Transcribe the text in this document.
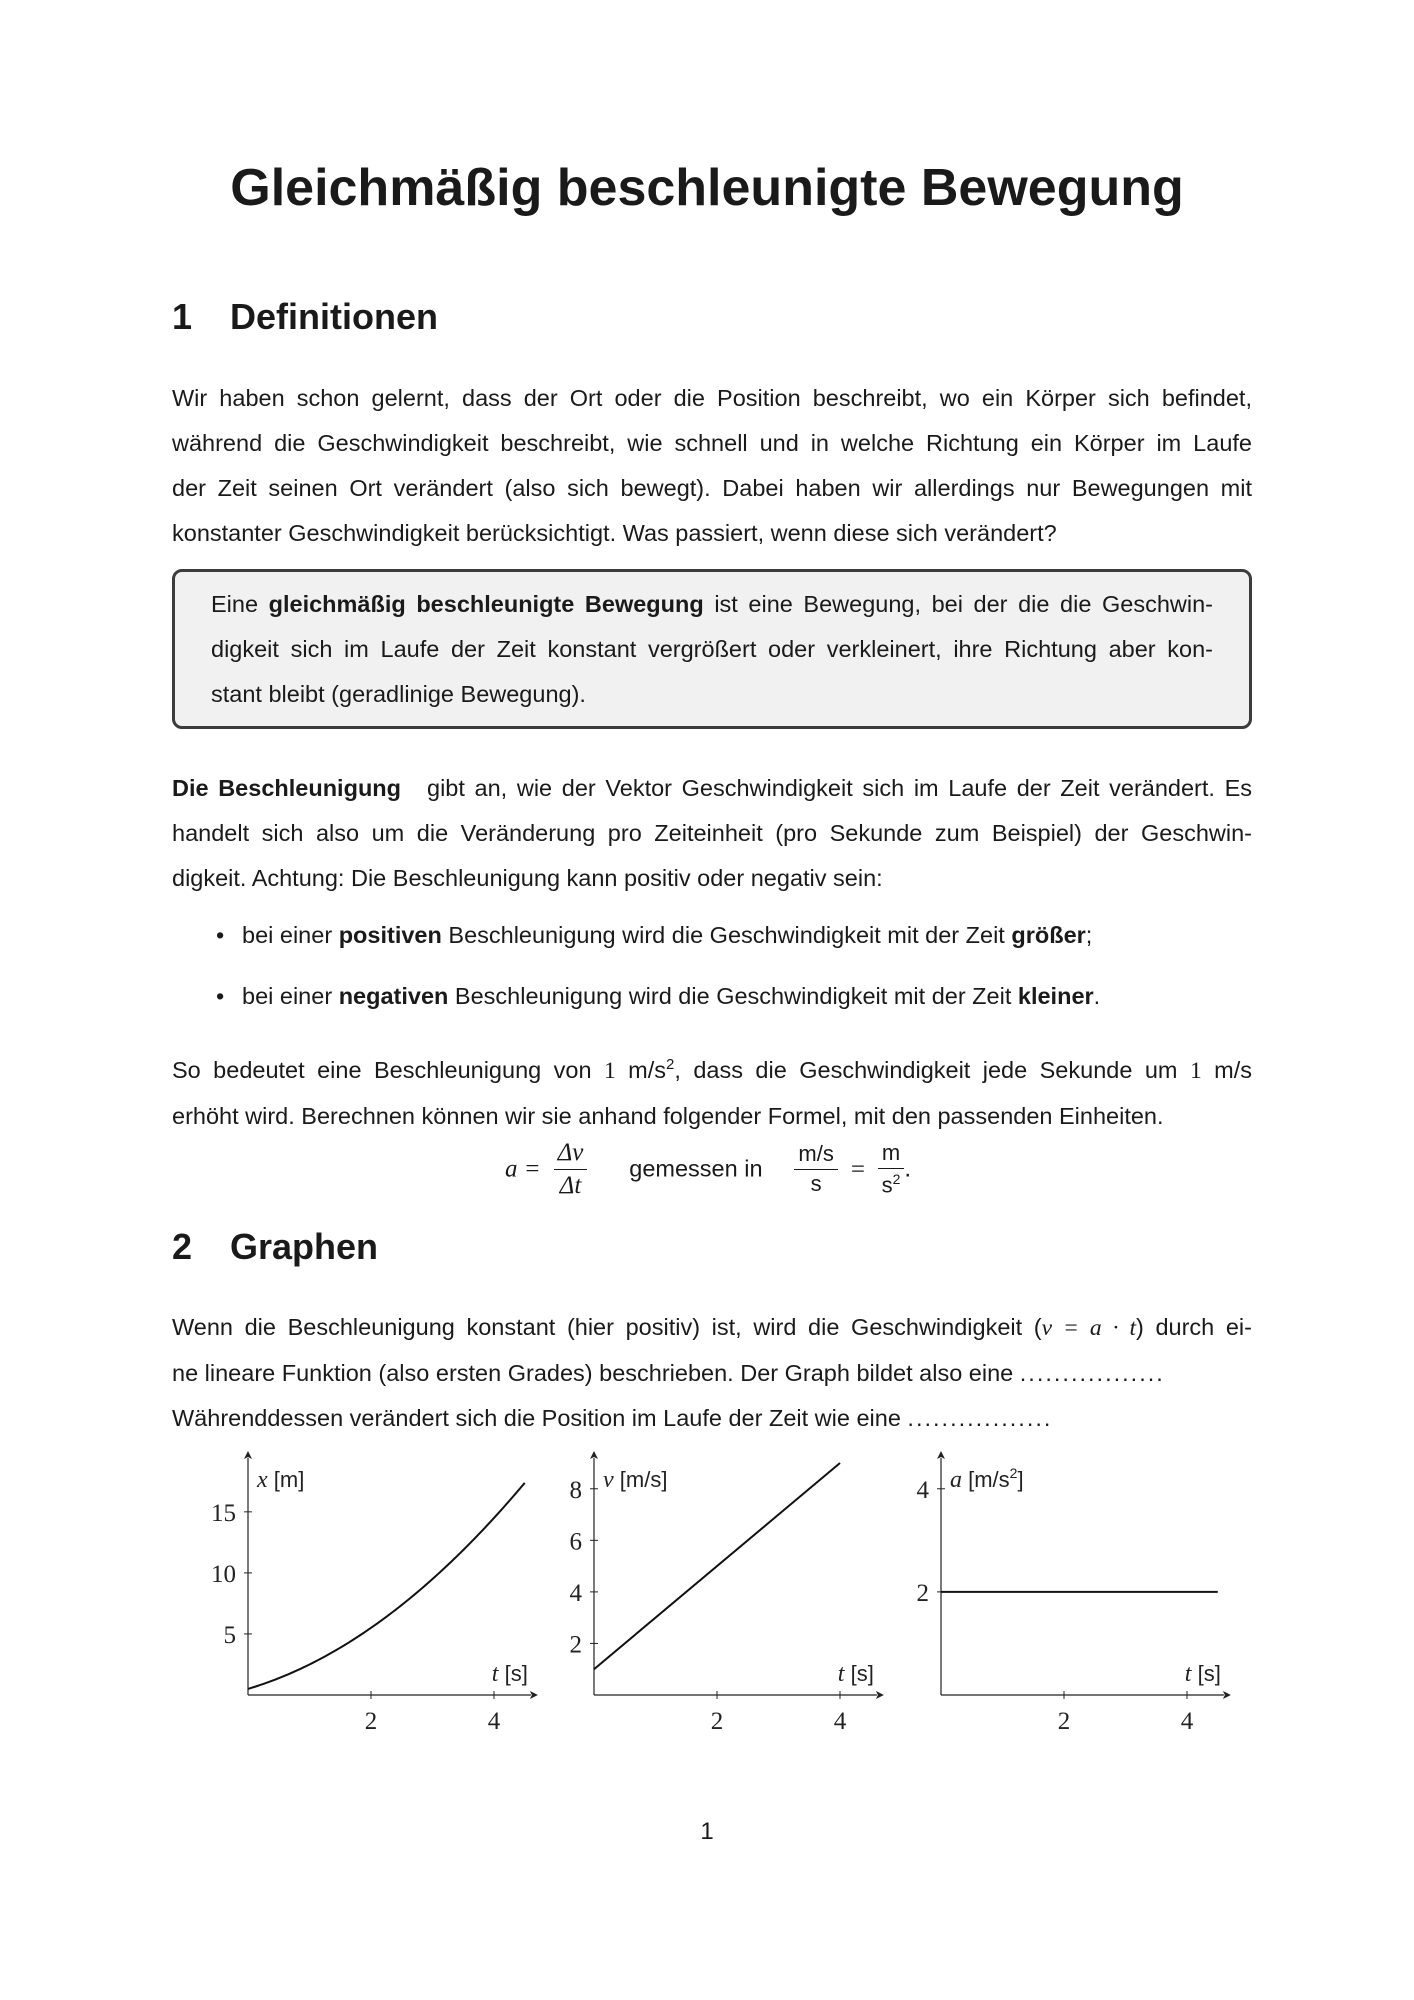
Gleichmäßig beschleunigte Bewegung
1 Definitionen
Wir haben schon gelernt, dass der Ort oder die Position beschreibt, wo ein Körper sich befindet,
während die Geschwindigkeit beschreibt, wie schnell und in welche Richtung ein Körper im Laufe
der Zeit seinen Ort verändert (also sich bewegt). Dabei haben wir allerdings nur Bewegungen mit
konstanter Geschwindigkeit berücksichtigt. Was passiert, wenn diese sich verändert?
Eine gleichmäßig beschleunigte Bewegung ist eine Bewegung, bei der die die Geschwin-
digkeit sich im Laufe der Zeit konstant vergrößert oder verkleinert, ihre Richtung aber kon-
stant bleibt (geradlinige Bewegung).
Die Beschleunigung gibt an, wie der Vektor Geschwindigkeit sich im Laufe der Zeit verändert. Es
handelt sich also um die Veränderung pro Zeiteinheit (pro Sekunde zum Beispiel) der Geschwin-
digkeit. Achtung: Die Beschleunigung kann positiv oder negativ sein:
• bei einer positiven Beschleunigung wird die Geschwindigkeit mit der Zeit größer;
• bei einer negativen Beschleunigung wird die Geschwindigkeit mit der Zeit kleiner.
So bedeutet eine Beschleunigung von 1 $m/s^2$, dass die Geschwindigkeit jede Sekunde um 1 m/s
erhöht wird. Berechnen können wir sie anhand folgender Formel, mit den passenden Einheiten.
$a = \frac{\Delta v}{\Delta t}$ gemessen in $\frac{m/s}{s} = \frac{m}{s^2}$ .
2 Graphen
Wenn die Beschleunigung konstant (hier positiv) ist, wird die Geschwindigkeit (v = a · t) durch ei-
ne lineare Funktion (also ersten Grades) beschrieben. Der Graph bildet also eine .................
Währenddessen verändert sich die Position im Laufe der Zeit wie eine .................
2	4
5
10
15
x [m]
t [s]
2	4
2
4
6
8 v [m/s]
t [s]
2	4
2
4 a $[m/s^2]$
t [s]
1
